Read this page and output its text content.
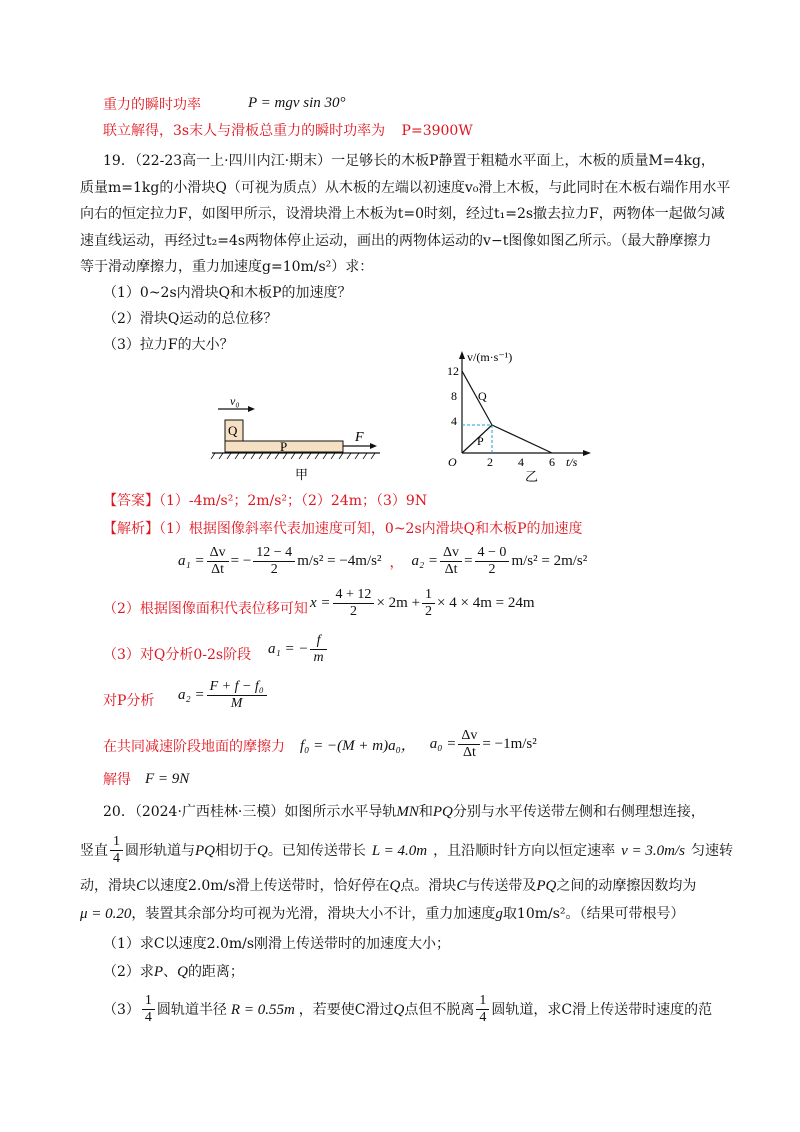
重力的瞬时功率	P = mgv sin 30°
联立解得，3s末人与滑板总重力的瞬时功率为 P=3900W
19．（22-23高一上·四川内江·期末）一足够长的木板P静置于粗糙水平面上，木板的质量M=4kg，
质量m=1kg的小滑块Q（可视为质点）从木板的左端以初速度v₀滑上木板，与此同时在木板右端作用水平
向右的恒定拉力F，如图甲所示，设滑块滑上木板为t=0时刻，经过t₁=2s撤去拉力F，两物体一起做匀减
速直线运动，再经过t₂=4s两物体停止运动，画出的两物体运动的v−t图像如图乙所示。（最大静摩擦力
等于滑动摩擦力，重力加速度g=10m/s²）求：
（1）0~2s内滑块Q和木板P的加速度？
（2）滑块Q运动的总位移？
（3）拉力F的大小？
v₀
Q
P
F
甲
v/(m·s⁻¹)
12
8
4
O	2 4 6 t/s
Q
P
乙
【答案】（1）-4m/s²；2m/s²；（2）24m；（3）9N
【解析】（1）根据图像斜率代表加速度可知，0~2s内滑块Q和木板P的加速度
$a_1 = \frac{\Delta v}{\Delta t}$ = − $\frac{12 - 4}{2} m/s^2 = -4m/s^2$ ， $a_2 = \frac{\Delta v}{\Delta t} = \frac{4 - 0}{2} m/s^2 = 2m/s^2$
（2）根据图像面积代表位移可知 $x = \frac{4 + 12}{2} \times 2m + \frac{1}{2} \times 4 \times 4m = 24m$
（3）对Q分析0-2s阶段 a₁ = − $\frac{f}{m}$
对P分析 $a_2 = \frac{\text{F + f − f₀}}{M}$
在共同减速阶段地面的摩擦力 f₀ = −(M + m)a₀， $a_0 = \frac{\Delta v}{\Delta t} = -1m/s^2$
解得 F = 9N
20．（2024·广西桂林·三模）如图所示水平导轨MN和PQ分别与水平传送带左侧和右侧理想连接，
竖直 $\frac{1}{4}$ 圆形轨道与 PQ 相切于 Q 。已知传送带长 L = 4.0m ，且沿顺时针方向以恒定速率 v = 3.0m/s 匀速转
动，滑块C以速度2.0m/s滑上传送带时，恰好停在Q点。滑块C与传送带及PQ之间的动摩擦因数均为
μ = 0.20，装置其余部分均可视为光滑，滑块大小不计，重力加速度g取10m/s²。（结果可带根号）
（1）求C以速度2.0m/s刚滑上传送带时的加速度大小；
（2）求P、Q的距离；
$(3) \frac{1}{4}$ 圆轨道半径 R = 0.55m ，若要使C滑过 Q 点但不脱离 $\frac{1}{4}$ 圆轨道，求C滑上传送带时速度的范
